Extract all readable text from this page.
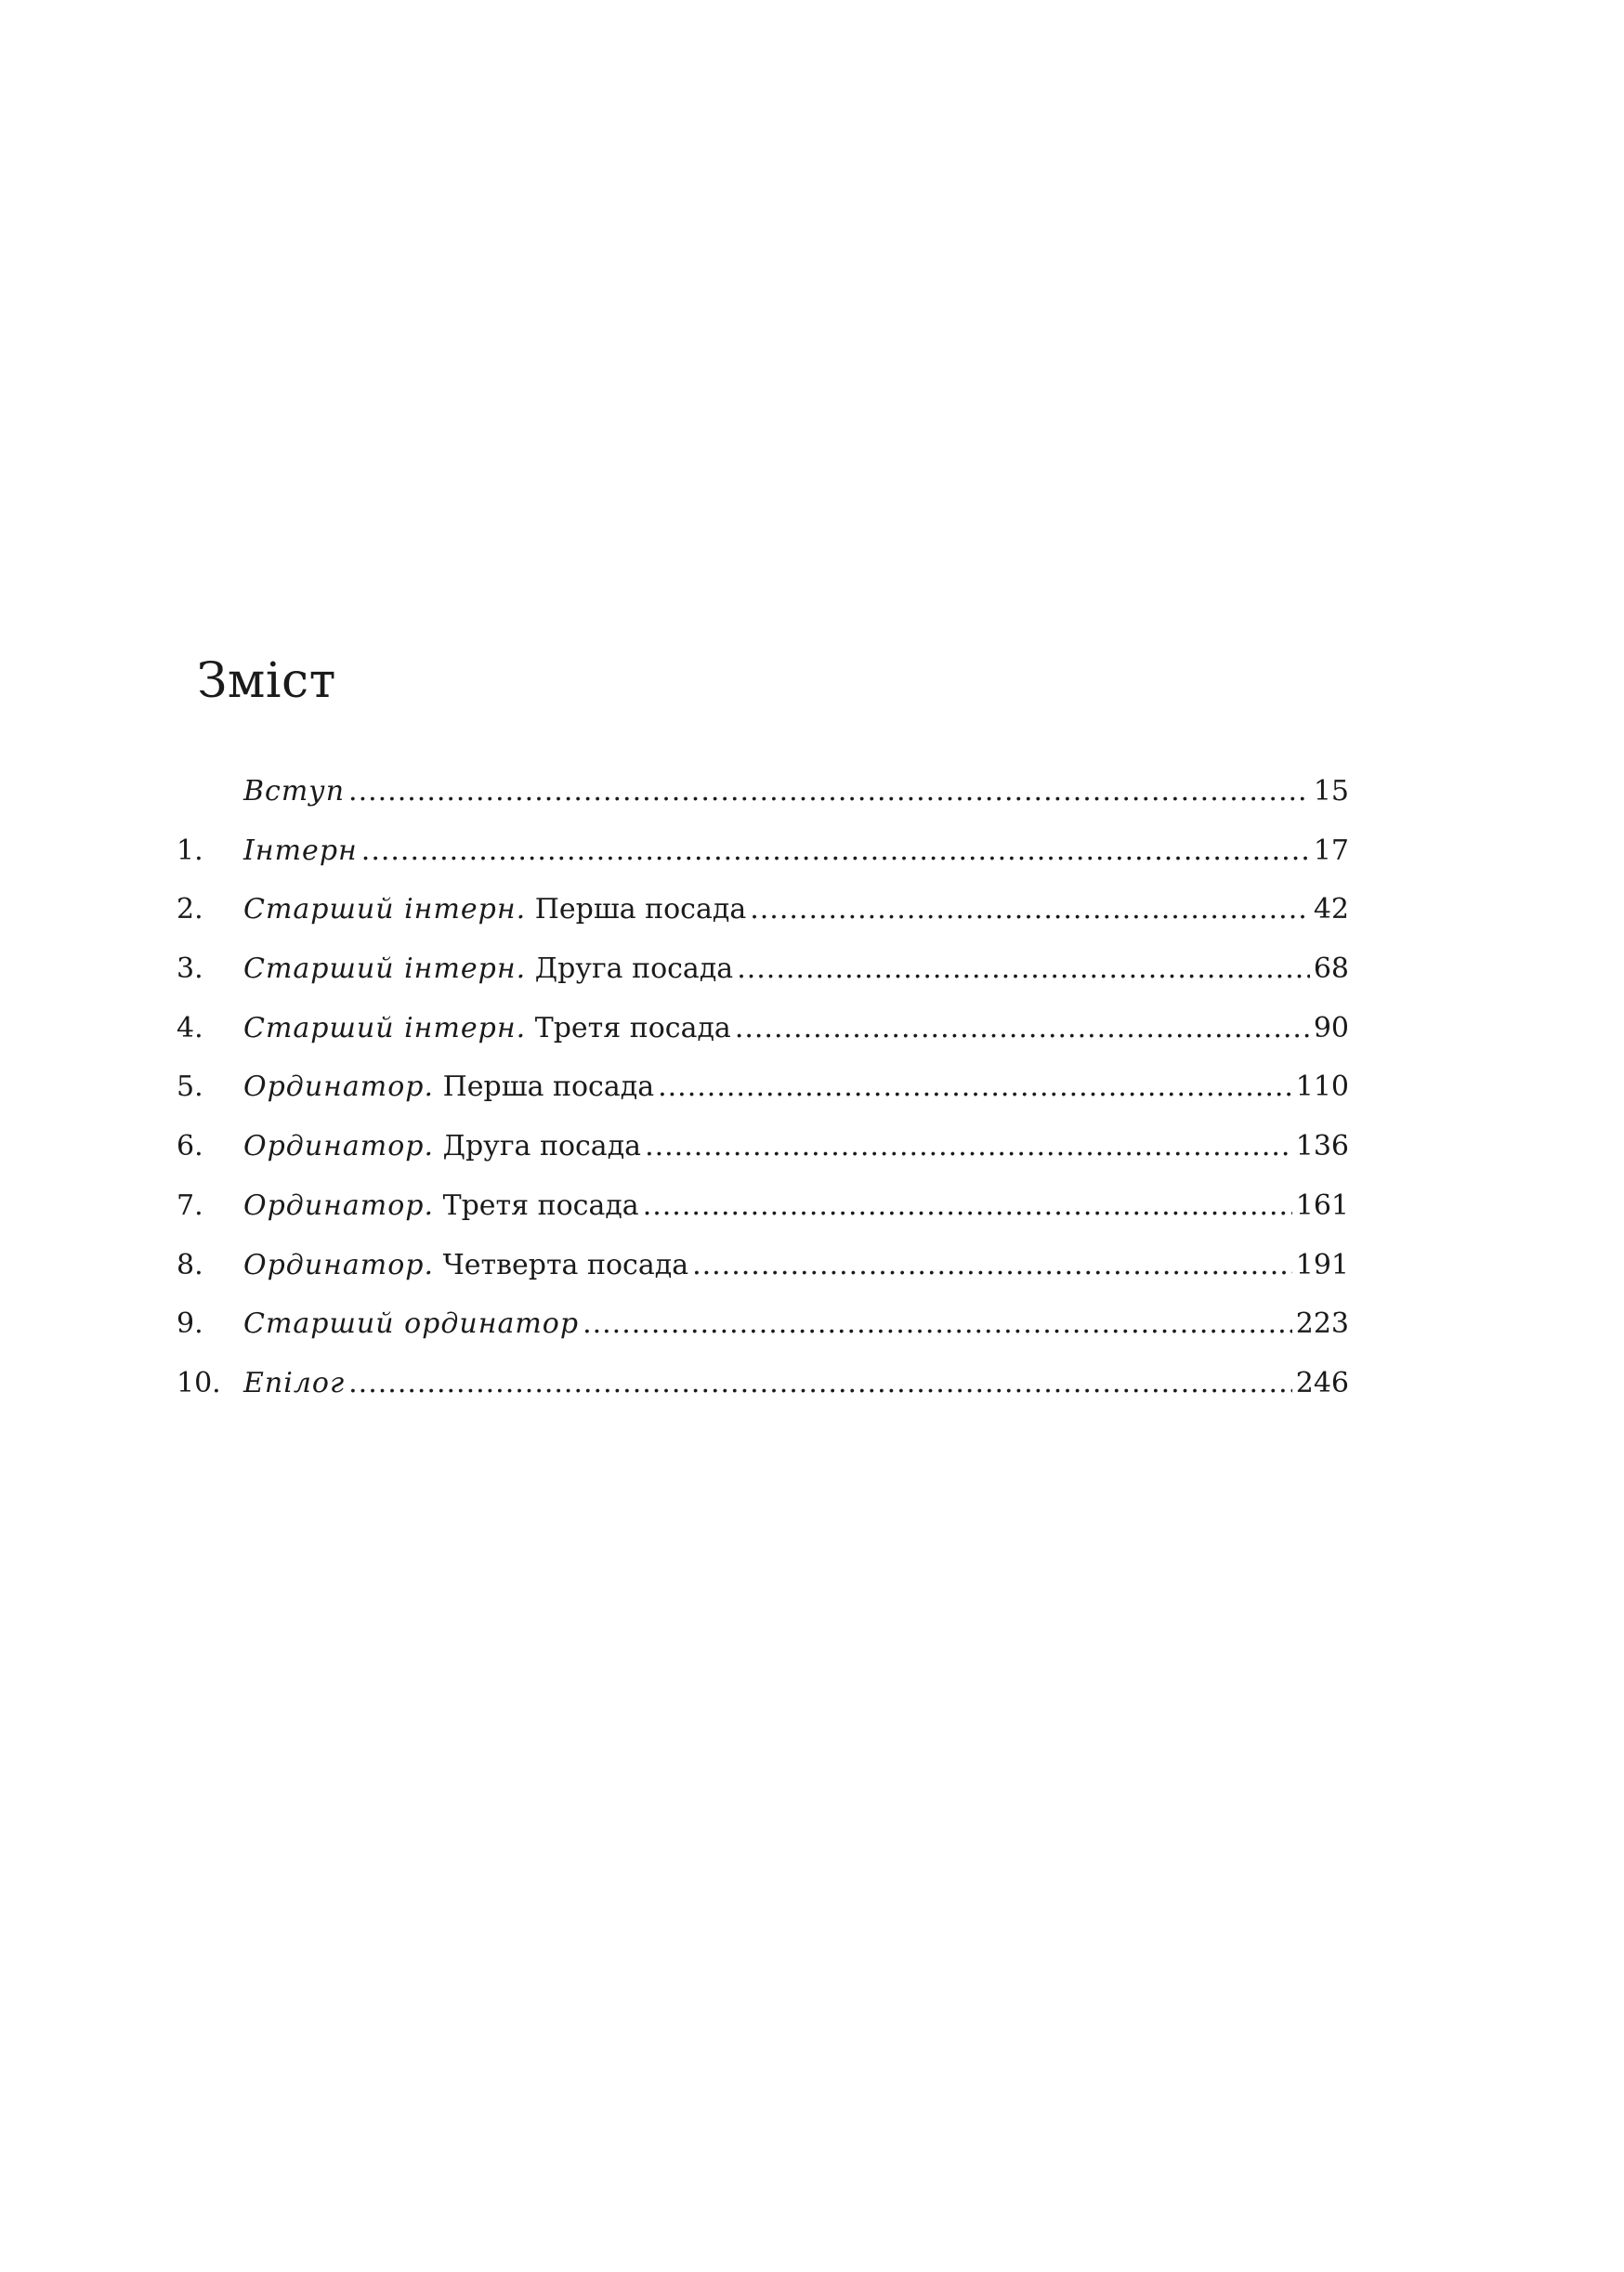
Зміст
Вступ .....	15
1.	Інтерн .....	17
2.	Старший інтерн. Перша посада .....	42
3.	Старший інтерн. Друга посада .....	68
4.	Старший інтерн. Третя посада .....	90
5.	Ординатор. Перша посада .....	110
6.	Ординатор. Друга посада .....	136
7.	Ординатор. Третя посада .....	161
8.	Ординатор. Четверта посада .....	191
9.	Старший ординатор .....	223
10. Епілог .....	246
